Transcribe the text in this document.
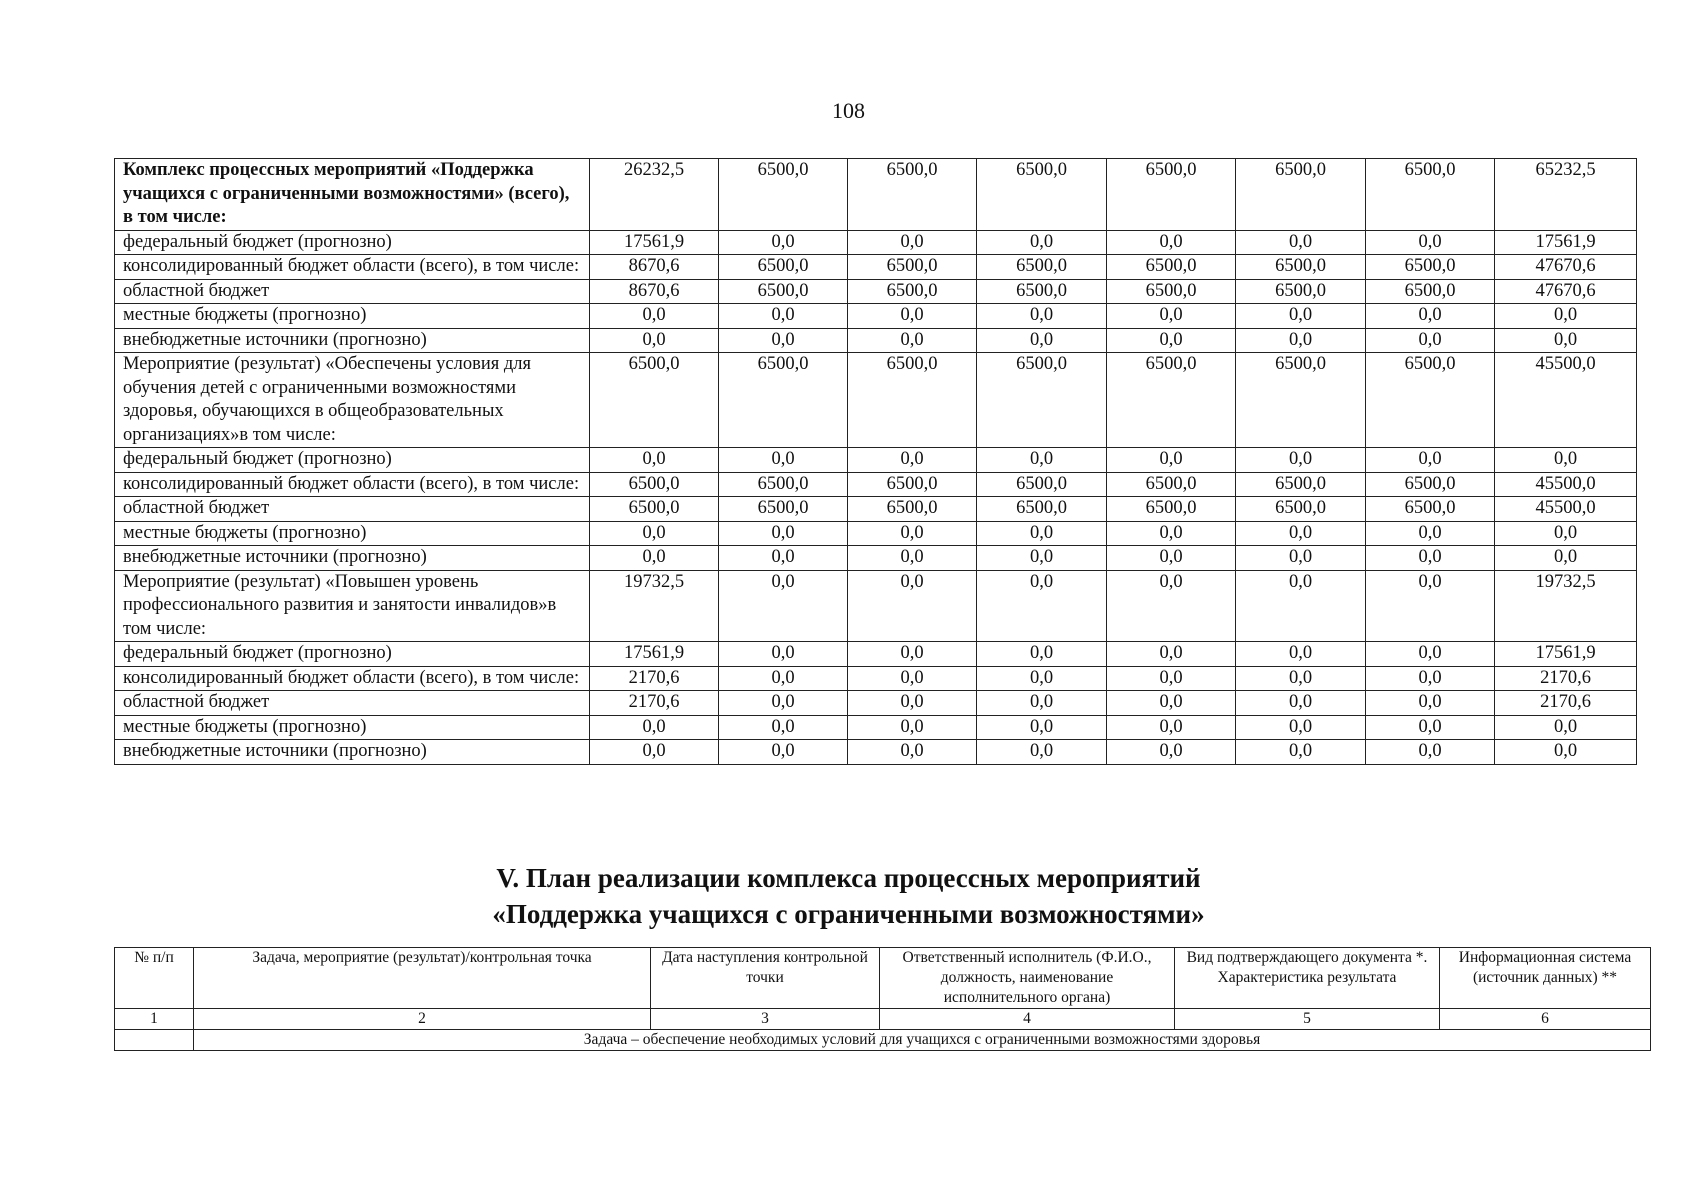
108
Комплекс процессных мероприятий «Поддержка учащихся с ограниченными возможностями» (всего), в том числе:	26232,5	6500,0	6500,0	6500,0	6500,0	6500,0	6500,0	65232,5
федеральный бюджет (прогнозно)	17561,9	0,0	0,0	0,0	0,0	0,0	0,0	17561,9
консолидированный бюджет области (всего), в том числе:	8670,6	6500,0	6500,0	6500,0	6500,0	6500,0	6500,0	47670,6
областной бюджет	8670,6	6500,0	6500,0	6500,0	6500,0	6500,0	6500,0	47670,6
местные бюджеты (прогнозно)	0,0	0,0	0,0	0,0	0,0	0,0	0,0	0,0
внебюджетные источники (прогнозно)	0,0	0,0	0,0	0,0	0,0	0,0	0,0	0,0
Мероприятие (результат) «Обеспечены условия для обучения детей с ограниченными возможностями здоровья, обучающихся в общеобразовательных организациях»в том числе:	6500,0	6500,0	6500,0	6500,0	6500,0	6500,0	6500,0	45500,0
федеральный бюджет (прогнозно)	0,0	0,0	0,0	0,0	0,0	0,0	0,0	0,0
консолидированный бюджет области (всего), в том числе:	6500,0	6500,0	6500,0	6500,0	6500,0	6500,0	6500,0	45500,0
областной бюджет	6500,0	6500,0	6500,0	6500,0	6500,0	6500,0	6500,0	45500,0
местные бюджеты (прогнозно)	0,0	0,0	0,0	0,0	0,0	0,0	0,0	0,0
внебюджетные источники (прогнозно)	0,0	0,0	0,0	0,0	0,0	0,0	0,0	0,0
Мероприятие (результат) «Повышен уровень профессионального развития и занятости инвалидов»в том числе:	19732,5	0,0	0,0	0,0	0,0	0,0	0,0	19732,5
федеральный бюджет (прогнозно)	17561,9	0,0	0,0	0,0	0,0	0,0	0,0	17561,9
консолидированный бюджет области (всего), в том числе:	2170,6	0,0	0,0	0,0	0,0	0,0	0,0	2170,6
областной бюджет	2170,6	0,0	0,0	0,0	0,0	0,0	0,0	2170,6
местные бюджеты (прогнозно)	0,0	0,0	0,0	0,0	0,0	0,0	0,0	0,0
внебюджетные источники (прогнозно)	0,0	0,0	0,0	0,0	0,0	0,0	0,0	0,0
V. План реализации комплекса процессных мероприятий
«Поддержка учащихся с ограниченными возможностями»
№ п/п	Задача, мероприятие (результат)/контрольная точка	Дата наступления контрольной точки	Ответственный исполнитель (Ф.И.О., должность, наименование исполнительного органа)	Вид подтверждающего документа *. Характеристика результата	Информационная система (источник данных) **
1	2	3	4	5	6
	Задача – обеспечение необходимых условий для учащихся с ограниченными возможностями здоровья				
